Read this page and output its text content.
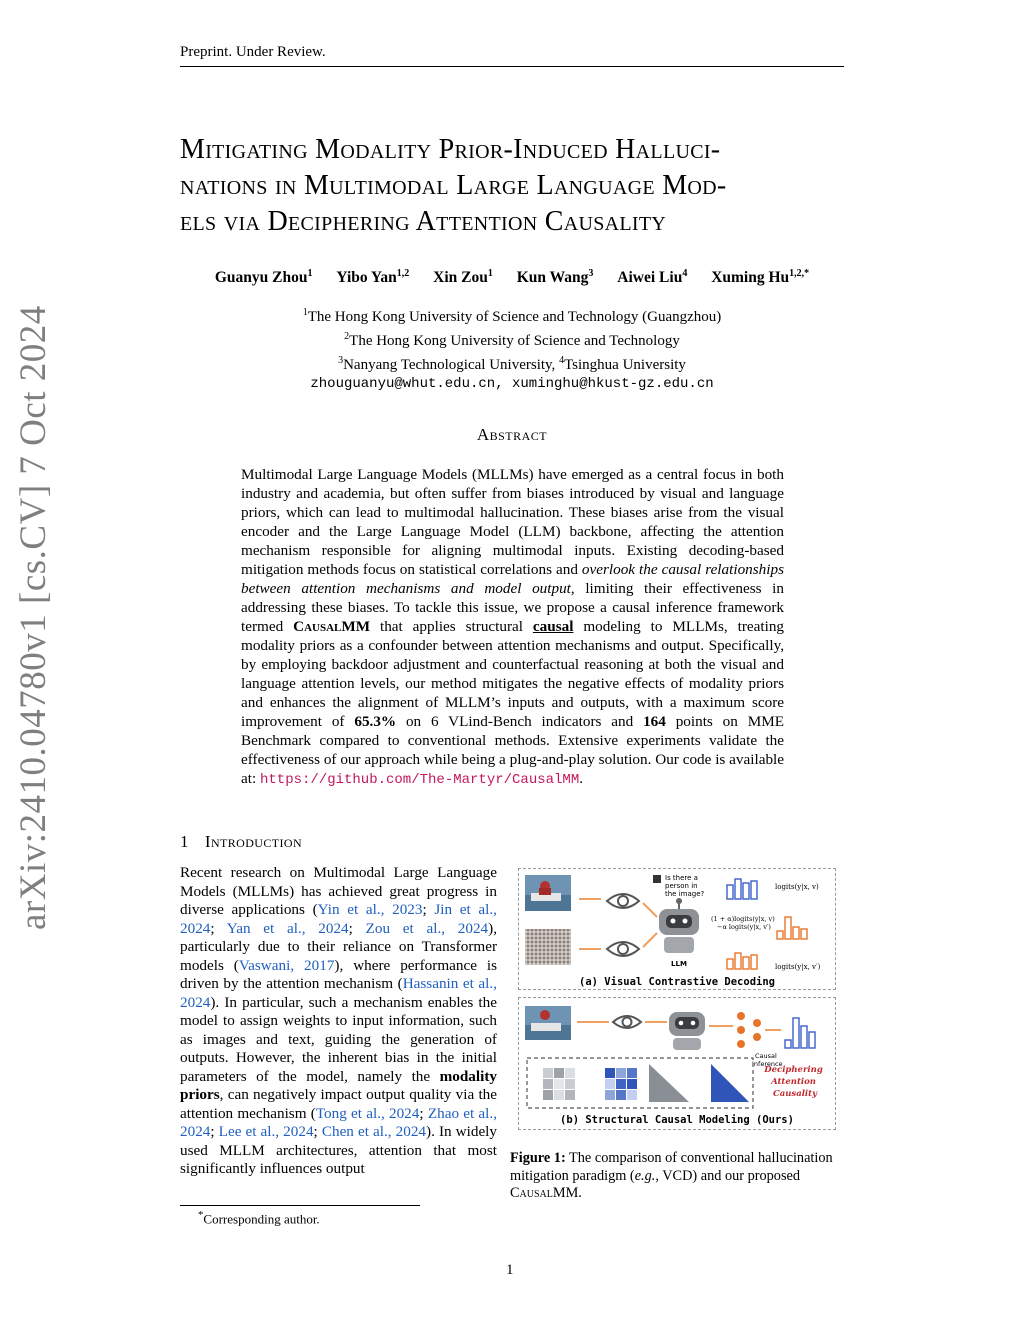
Preprint. Under Review.
arXiv:2410.04780v1 [cs.CV] 7 Oct 2024
Mitigating Modality Prior-Induced Halluci-
nations in Multimodal Large Language Mod-
els via Deciphering Attention Causality
Guanyu Zhou$^1$ Yibo Yan$^{1,2}$ Xin Zou$^1$ Kun Wang$^3$ Aiwei Liu$^4$ Xuming $Hu^{1,2,*}$
$^1$The Hong Kong University of Science and Technology (Guangzhou)
$^2$The Hong Kong University of Science and Technology
$^3$Nanyang Technological University, $^4$Tsinghua University
zhouguanyu@whut.edu.cn, xuminghu@hkust-gz.edu.cn
Abstract
Multimodal Large Language Models (MLLMs) have emerged as a central focus in both industry and academia, but often suffer from biases introduced by visual and language priors, which can lead to multimodal hallucination. These biases arise from the visual encoder and the Large Language Model (LLM) backbone, affecting the attention mechanism responsible for aligning multimodal inputs. Existing decoding-based mitigation methods focus on statistical correlations and overlook the causal relationships between attention mechanisms and model output, limiting their effectiveness in addressing these biases. To tackle this issue, we propose a causal inference framework termed CausalMM that applies structural causal modeling to MLLMs, treating modality priors as a confounder between attention mechanisms and output. Specifically, by employing backdoor adjustment and counterfactual reasoning at both the visual and language attention levels, our method mitigates the negative effects of modality priors and enhances the alignment of MLLM’s inputs and outputs, with a maximum score improvement of 65.3% on 6 VLind-Bench indicators and 164 points on MME Benchmark compared to conventional methods. Extensive experiments validate the effectiveness of our approach while being a plug-and-play solution. Our code is available at: https://github.com/The-Martyr/CausalMM.
1 Introduction
Recent research on Multimodal Large Language Models (MLLMs) has achieved great progress in diverse applications (Yin et al., 2023; Jin et al., 2024; Yan et al., 2024; Zou et al., 2024), particularly due to their reliance on Transformer models (Vaswani, 2017), where performance is driven by the attention mechanism (Hassanin et al., 2024). In particular, such a mechanism enables the model to assign weights to input information, such as images and text, guiding the generation of outputs. However, the inherent bias in the initial parameters of the model, namely the modality priors, can negatively impact output quality via the attention mechanism (Tong et al., 2024; Zhao et al., 2024; Lee et al., 2024; Chen et al., 2024). In widely used MLLM architectures, attention that most significantly influences output
LLM
Is there a person in the image?
logits(y|x, v)
(1 + α)logits(y|x, v)
−α logits(y|x, v′)
logits(y|x, v′)
(a) Visual Contrastive Decoding
Causal Inference
Deciphering Attention Causality
(b) Structural Causal Modeling (Ours)
Figure 1: The comparison of conventional hallucination mitigation paradigm (e.g., VCD) and our proposed CausalMM.
*Corresponding author.
1
